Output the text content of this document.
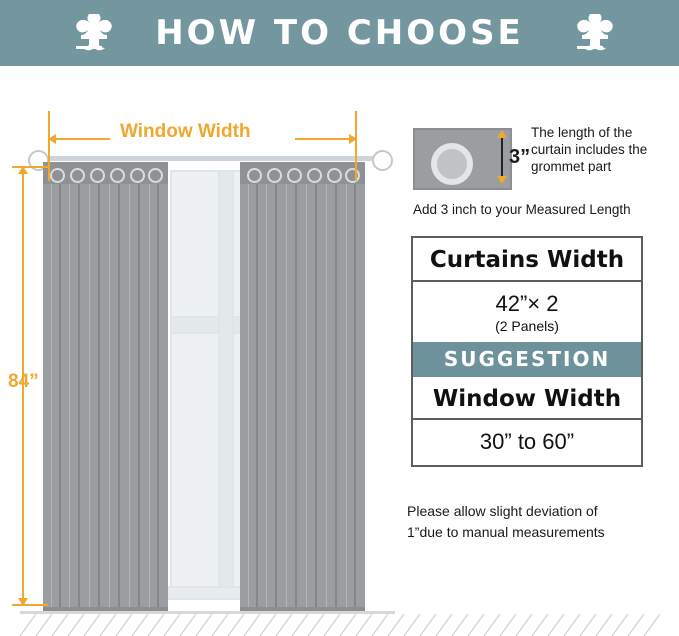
HOW TO CHOOSE
Window Width
84”
3”
The length of the curtain includes the grommet part
Add 3 inch to your Measured Length
Curtains Width
42”× 2
(2 Panels)
SUGGESTION
Window Width
30” to 60”
Please allow slight deviation of
1”due to manual measurements
